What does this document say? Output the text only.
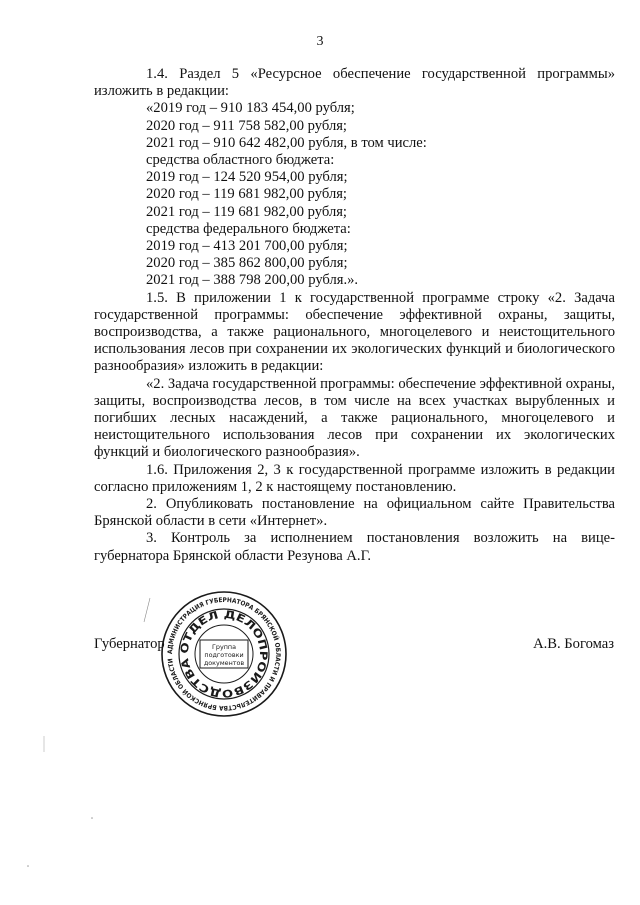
3

1.4. Раздел 5 «Ресурсное обеспечение государственной программы» изложить в редакции:

«2019 год – 910 183 454,00 рубля;
2020 год – 911 758 582,00 рубля;
2021 год – 910 642 482,00 рубля, в том числе:
средства областного бюджета:
2019 год – 124 520 954,00 рубля;
2020 год – 119 681 982,00 рубля;
2021 год – 119 681 982,00 рубля;
средства федерального бюджета:
2019 год – 413 201 700,00 рубля;
2020 год – 385 862 800,00 рубля;
2021 год – 388 798 200,00 рубля.».

1.5. В приложении 1 к государственной программе строку «2. Задача государственной программы: обеспечение эффективной охраны, защиты, воспроизводства, а также рационального, многоцелевого и неистощительного использования лесов при сохранении их экологических функций и биологического разнообразия» изложить в редакции:

«2. Задача государственной программы: обеспечение эффективной охраны, защиты, воспроизводства лесов, в том числе на всех участках вырубленных и погибших лесных насаждений, а также рационального, многоцелевого и неистощительного использования лесов при сохранении их экологических функций и биологического разнообразия».

1.6. Приложения 2, 3 к государственной программе изложить в редакции согласно приложениям 1, 2 к настоящему постановлению.

2. Опубликовать постановление на официальном сайте Правительства Брянской области в сети «Интернет».

3. Контроль за исполнением постановления возложить на вице-губернатора Брянской области Резунова А.Г.

Губернатор	А.В. Богомаз
АДМИНИСТРАЦИЯ ГУБЕРНАТОРА БРЯНСКОЙ ОБЛАСТИ И ПРАВИТЕЛЬСТВА БРЯНСКОЙ ОБЛАСТИ
ОТДЕЛ ДЕЛОПРОИЗВОДСТВА
Группа
подготовки
документов
